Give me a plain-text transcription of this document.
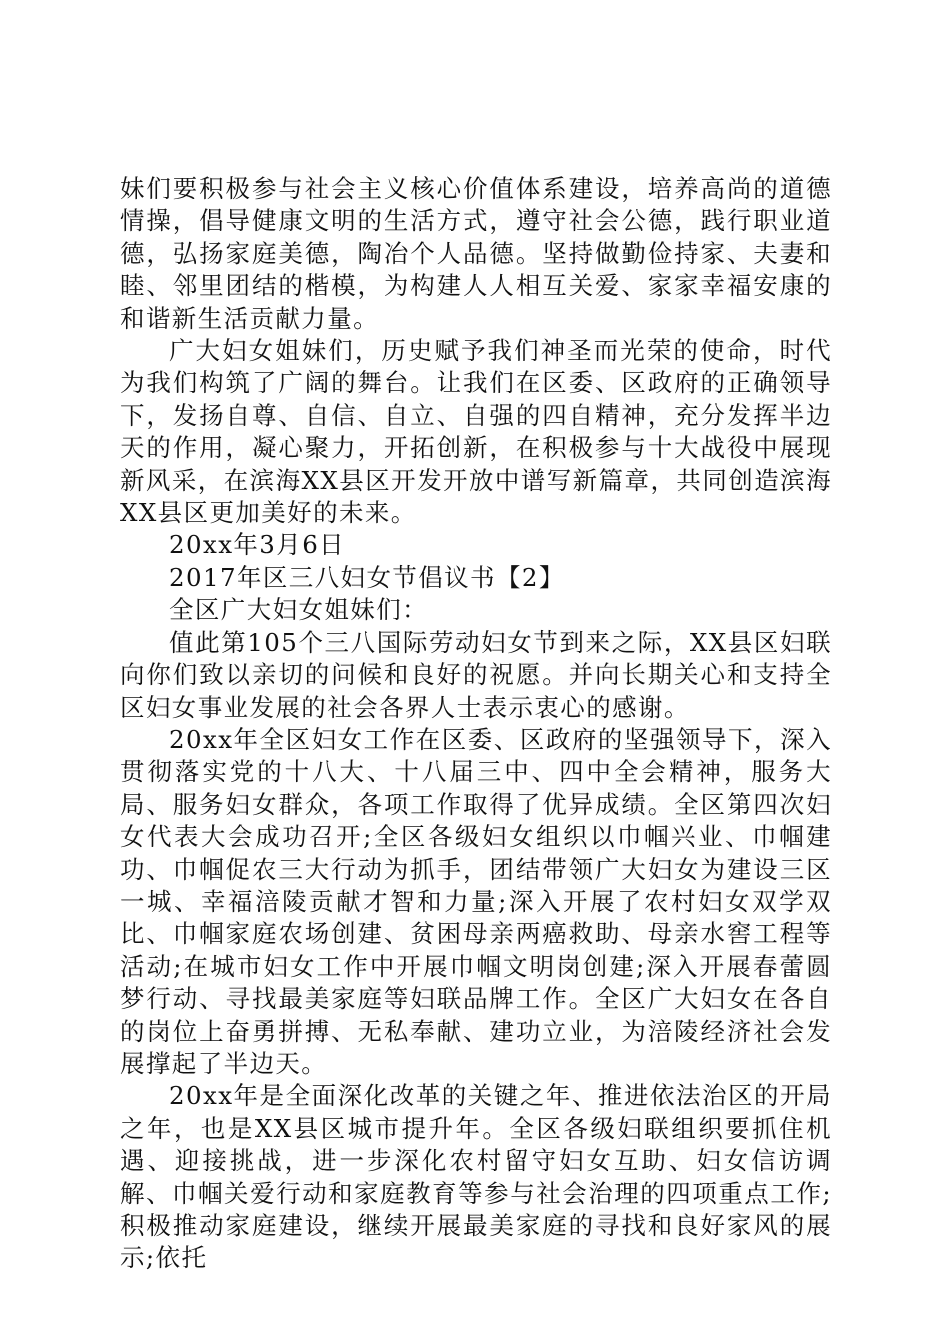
妹们要积极参与社会主义核心价值体系建设，培养高尚的道德情操，倡导健康文明的生活方式，遵守社会公德，践行职业道德，弘扬家庭美德，陶冶个人品德。坚持做勤俭持家、夫妻和睦、邻里团结的楷模，为构建人人相互关爱、家家幸福安康的和谐新生活贡献力量。

广大妇女姐妹们，历史赋予我们神圣而光荣的使命，时代为我们构筑了广阔的舞台。让我们在区委、区政府的正确领导下，发扬自尊、自信、自立、自强的四自精神，充分发挥半边天的作用，凝心聚力，开拓创新，在积极参与十大战役中展现新风采，在滨海XX县区开发开放中谱写新篇章，共同创造滨海XX县区更加美好的未来。

20xx年3月6日

2017年区三八妇女节倡议书【2】

全区广大妇女姐妹们：

值此第105个三八国际劳动妇女节到来之际，XX县区妇联向你们致以亲切的问候和良好的祝愿。并向长期关心和支持全区妇女事业发展的社会各界人士表示衷心的感谢。

20xx年全区妇女工作在区委、区政府的坚强领导下，深入贯彻落实党的十八大、十八届三中、四中全会精神，服务大局、服务妇女群众，各项工作取得了优异成绩。全区第四次妇女代表大会成功召开;全区各级妇女组织以巾帼兴业、巾帼建功、巾帼促农三大行动为抓手，团结带领广大妇女为建设三区一城、幸福涪陵贡献才智和力量;深入开展了农村妇女双学双比、巾帼家庭农场创建、贫困母亲两癌救助、母亲水窖工程等活动;在城市妇女工作中开展巾帼文明岗创建;深入开展春蕾圆梦行动、寻找最美家庭等妇联品牌工作。全区广大妇女在各自的岗位上奋勇拼搏、无私奉献、建功立业，为涪陵经济社会发展撑起了半边天。

20xx年是全面深化改革的关键之年、推进依法治区的开局之年，也是XX县区城市提升年。全区各级妇联组织要抓住机遇、迎接挑战，进一步深化农村留守妇女互助、妇女信访调解、巾帼关爱行动和家庭教育等参与社会治理的四项重点工作;积极推动家庭建设，继续开展最美家庭的寻找和良好家风的展示;依托
